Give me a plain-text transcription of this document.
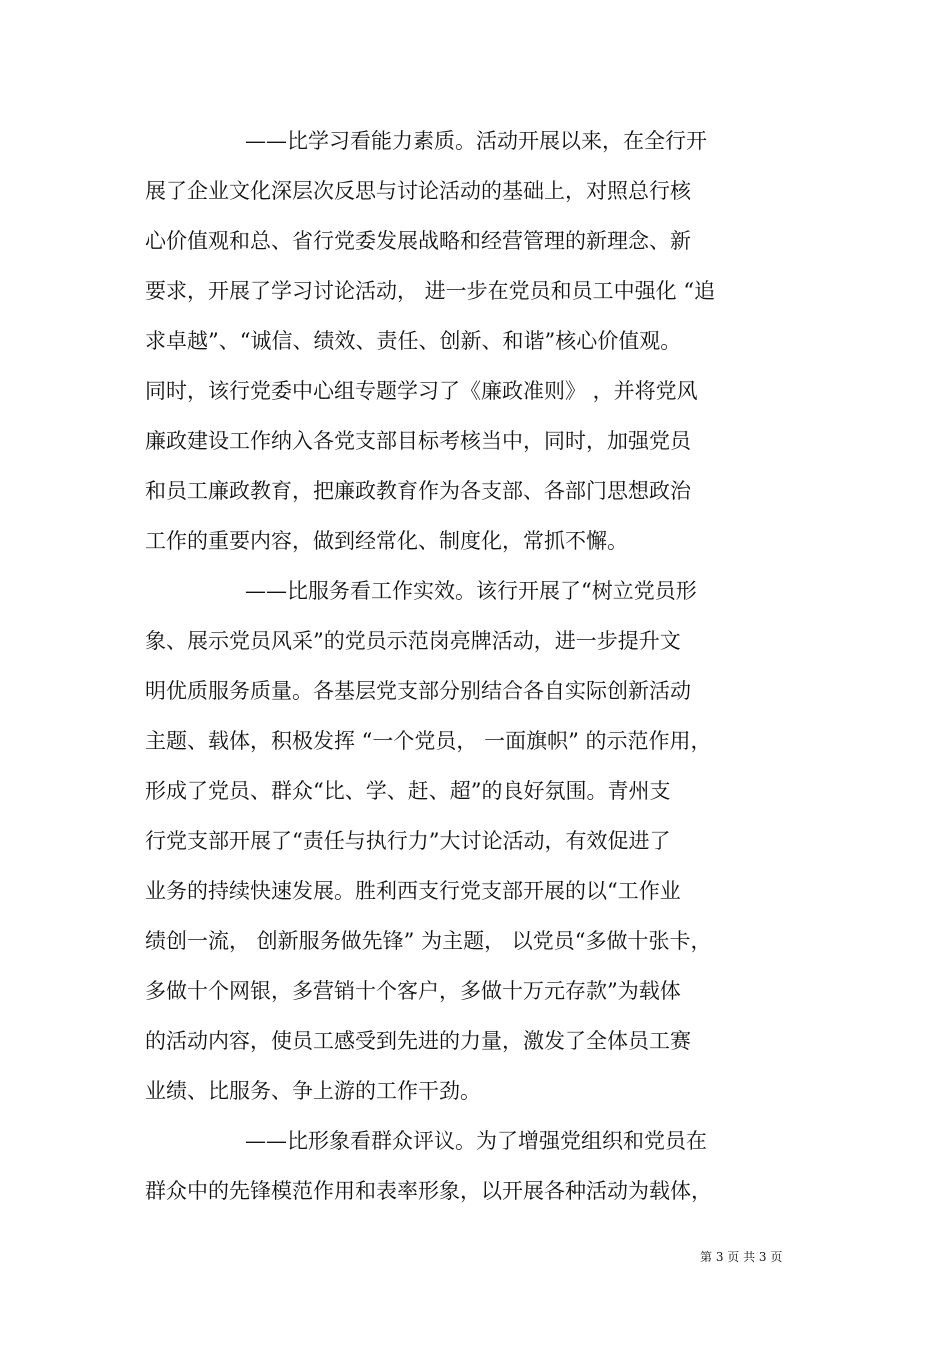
——比学习看能力素质。活动开展以来，在全行开
展了企业文化深层次反思与讨论活动的基础上，对照总行核
心价值观和总、省行党委发展战略和经营管理的新理念、新
要求，开展了学习讨论活动， 进一步在党员和员工中强化 “追
求卓越”、“诚信、绩效、责任、创新、和谐”核心价值观。
同时，该行党委中心组专题学习了《廉政准则》 ，并将党风
廉政建设工作纳入各党支部目标考核当中，同时，加强党员
和员工廉政教育，把廉政教育作为各支部、各部门思想政治
工作的重要内容，做到经常化、制度化，常抓不懈。
——比服务看工作实效。该行开展了“树立党员形
象、展示党员风采”的党员示范岗亮牌活动，进一步提升文
明优质服务质量。各基层党支部分别结合各自实际创新活动
主题、载体，积极发挥 “一个党员， 一面旗帜” 的示范作用，
形成了党员、群众“比、学、赶、超”的良好氛围。青州支
行党支部开展了“责任与执行力”大讨论活动，有效促进了
业务的持续快速发展。胜利西支行党支部开展的以“工作业
绩创一流， 创新服务做先锋” 为主题， 以党员“多做十张卡，
多做十个网银，多营销十个客户，多做十万元存款”为载体
的活动内容，使员工感受到先进的力量，激发了全体员工赛
业绩、比服务、争上游的工作干劲。
——比形象看群众评议。为了增强党组织和党员在
群众中的先锋模范作用和表率形象，以开展各种活动为载体，
第 3 页 共 3 页
